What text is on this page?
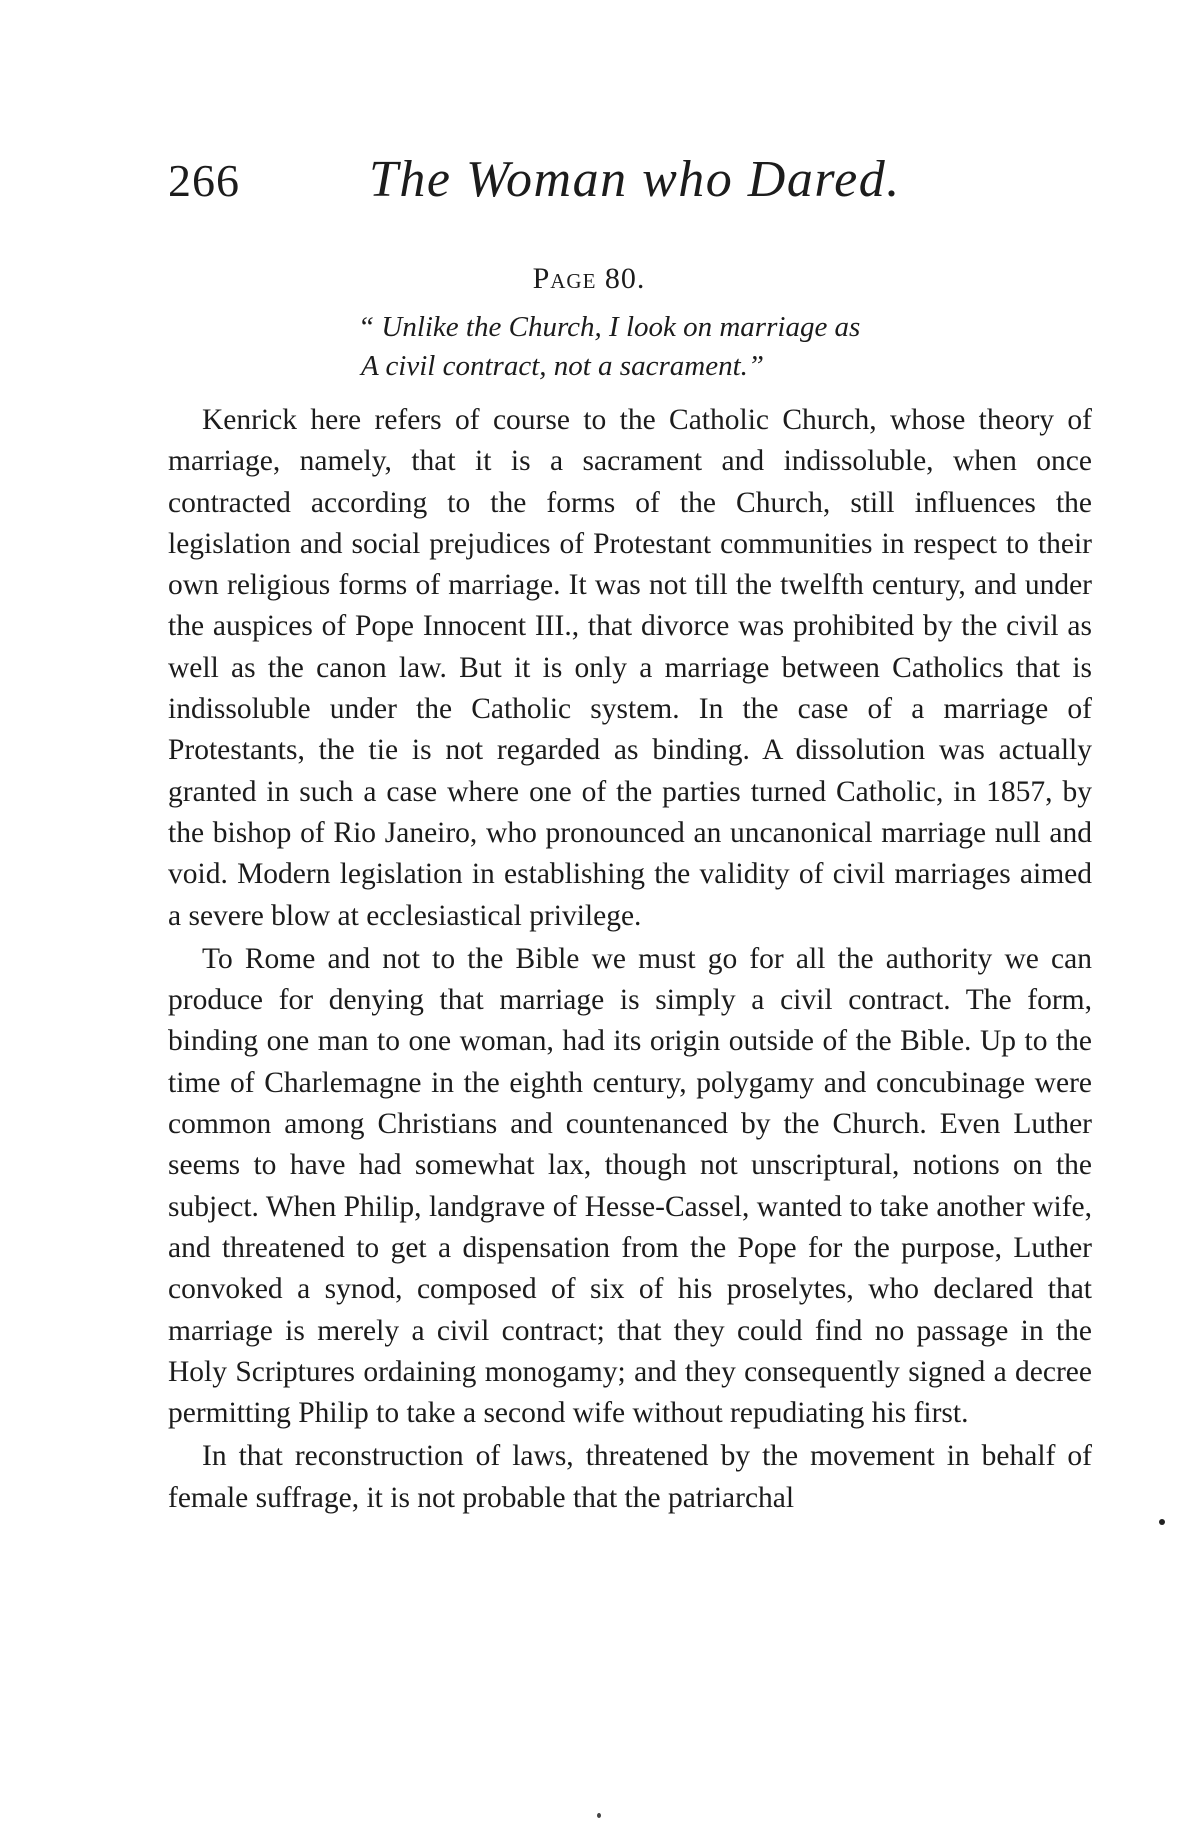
266 The Woman who Dared.
Page 80.
“ Unlike the Church, I look on marriage as
A civil contract, not a sacrament.”

Kenrick here refers of course to the Catholic Church, whose theory of marriage, namely, that it is a sacrament and indissoluble, when once contracted according to the forms of the Church, still influences the legislation and social prejudices of Protestant communities in respect to their own religious forms of marriage. It was not till the twelfth century, and under the auspices of Pope Innocent III., that divorce was prohibited by the civil as well as the canon law. But it is only a marriage between Catholics that is indissoluble under the Catholic system. In the case of a marriage of Protestants, the tie is not regarded as binding. A dissolution was actually granted in such a case where one of the parties turned Catholic, in 1857, by the bishop of Rio Janeiro, who pronounced an uncanonical marriage null and void. Modern legislation in establishing the validity of civil marriages aimed a severe blow at ecclesiastical privilege.

To Rome and not to the Bible we must go for all the authority we can produce for denying that marriage is simply a civil contract. The form, binding one man to one woman, had its origin outside of the Bible. Up to the time of Charlemagne in the eighth century, polygamy and concubinage were common among Christians and countenanced by the Church. Even Luther seems to have had somewhat lax, though not unscriptural, notions on the subject. When Philip, landgrave of Hesse-Cassel, wanted to take another wife, and threatened to get a dispensation from the Pope for the purpose, Luther convoked a synod, composed of six of his proselytes, who declared that marriage is merely a civil contract; that they could find no passage in the Holy Scriptures ordaining monogamy; and they consequently signed a decree permitting Philip to take a second wife without repudiating his first.

In that reconstruction of laws, threatened by the movement in behalf of female suffrage, it is not probable that the patriarchal
